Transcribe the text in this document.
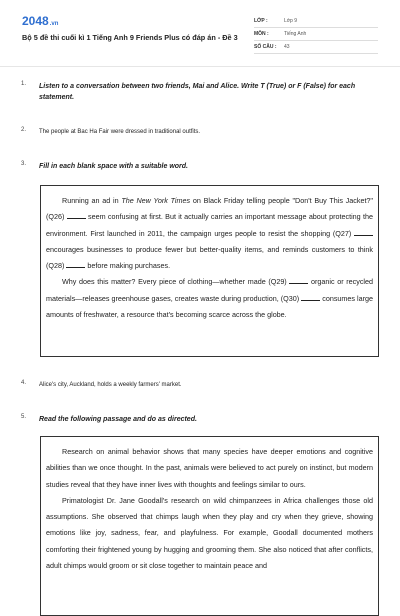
2048.vn
Bộ 5 đề thi cuối kì 1 Tiếng Anh 9 Friends Plus có đáp án - Đề 3
LỚP :	Lớp 9
MÔN :	Tiếng Anh
SỐ CÂU : 43
1. Listen to a conversation between two friends, Mai and Alice. Write T (True) or F (False) for each statement.
2. The people at Bac Ha Fair were dressed in traditional outfits.
3. Fill in each blank space with a suitable word.

Running an ad in The New York Times on Black Friday telling people "Don't Buy This Jacket?" (Q26)	seem confusing at first. But it actually carries an important message about protecting the environment. First launched in 2011, the campaign urges people to resist the shopping (Q27)  encourages businesses to produce fewer but better-quality items, and reminds customers to think (Q28)	before making purchases.

Why does this matter? Every piece of clothing—whether made (Q29)	organic or recycled materials—releases greenhouse gases, creates waste during production, (Q30)	consumes large amounts of freshwater, a resource that's becoming scarce across the globe.

4. Alice's city, Auckland, holds a weekly farmers' market.
5. Read the following passage and do as directed.

Research on animal behavior shows that many species have deeper emotions and cognitive abilities than we once thought. In the past, animals were believed to act purely on instinct, but modern studies reveal that they have inner lives with thoughts and feelings similar to ours.

Primatologist Dr. Jane Goodall's research on wild chimpanzees in Africa challenges those old assumptions. She observed that chimps laugh when they play and cry when they grieve, showing emotions like joy, sadness, fear, and playfulness. For example, Goodall documented mothers comforting their frightened young by hugging and grooming them. She also noticed that after conflicts, adult chimps would groom or sit close together to maintain peace and
